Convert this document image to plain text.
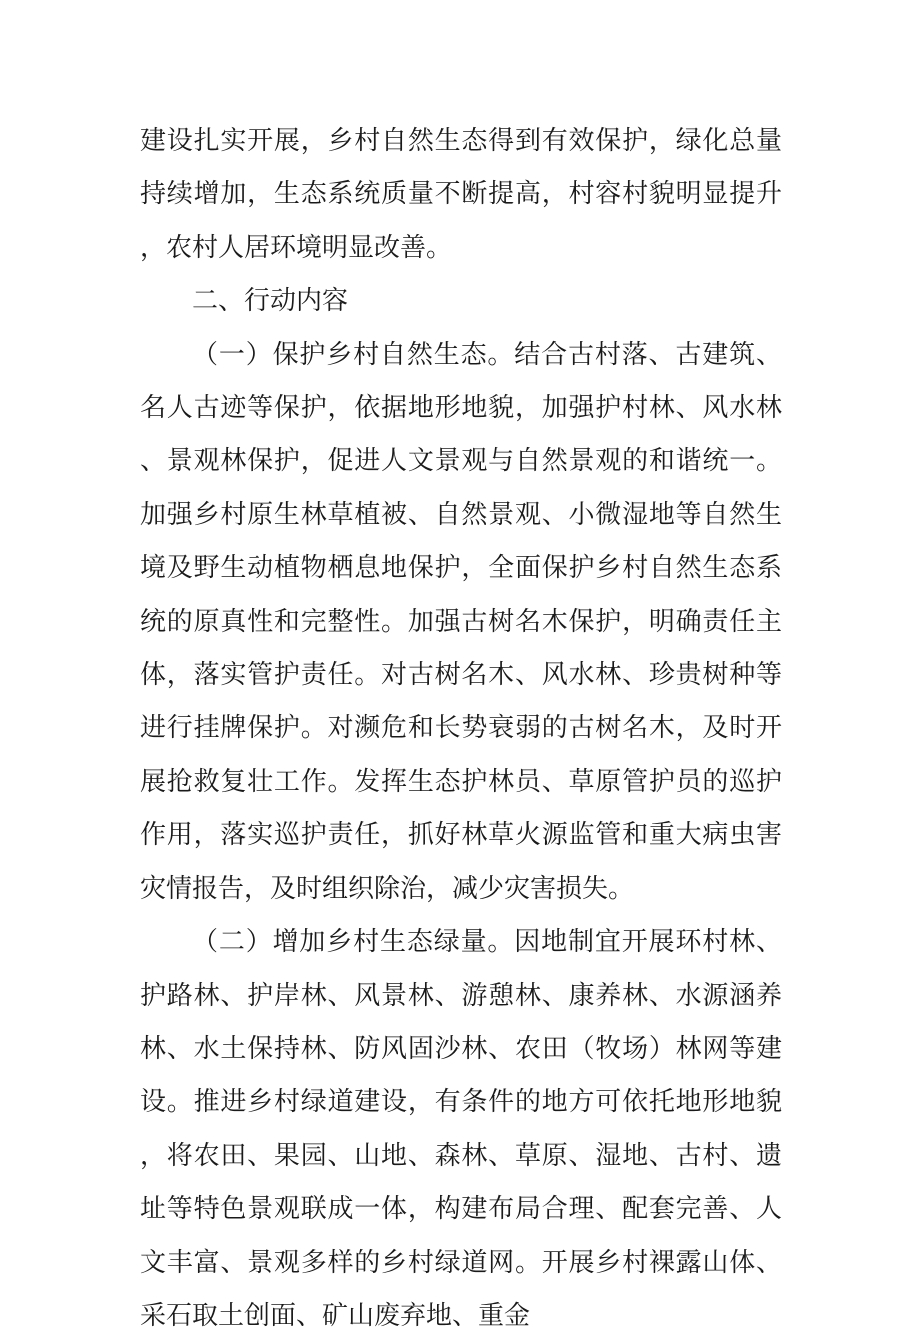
建设扎实开展，乡村自然生态得到有效保护，绿化总量持续增加，生态系统质量不断提高，村容村貌明显提升，农村人居环境明显改善。

二、行动内容

（一）保护乡村自然生态。结合古村落、古建筑、名人古迹等保护，依据地形地貌，加强护村林、风水林、景观林保护，促进人文景观与自然景观的和谐统一。加强乡村原生林草植被、自然景观、小微湿地等自然生境及野生动植物栖息地保护，全面保护乡村自然生态系统的原真性和完整性。加强古树名木保护，明确责任主体，落实管护责任。对古树名木、风水林、珍贵树种等进行挂牌保护。对濒危和长势衰弱的古树名木，及时开展抢救复壮工作。发挥生态护林员、草原管护员的巡护作用，落实巡护责任，抓好林草火源监管和重大病虫害灾情报告，及时组织除治，减少灾害损失。

（二）增加乡村生态绿量。因地制宜开展环村林、护路林、护岸林、风景林、游憩林、康养林、水源涵养林、水土保持林、防风固沙林、农田（牧场）林网等建设。推进乡村绿道建设，有条件的地方可依托地形地貌，将农田、果园、山地、森林、草原、湿地、古村、遗址等特色景观联成一体，构建布局合理、配套完善、人文丰富、景观多样的乡村绿道网。开展乡村裸露山体、采石取土创面、矿山废弃地、重金
